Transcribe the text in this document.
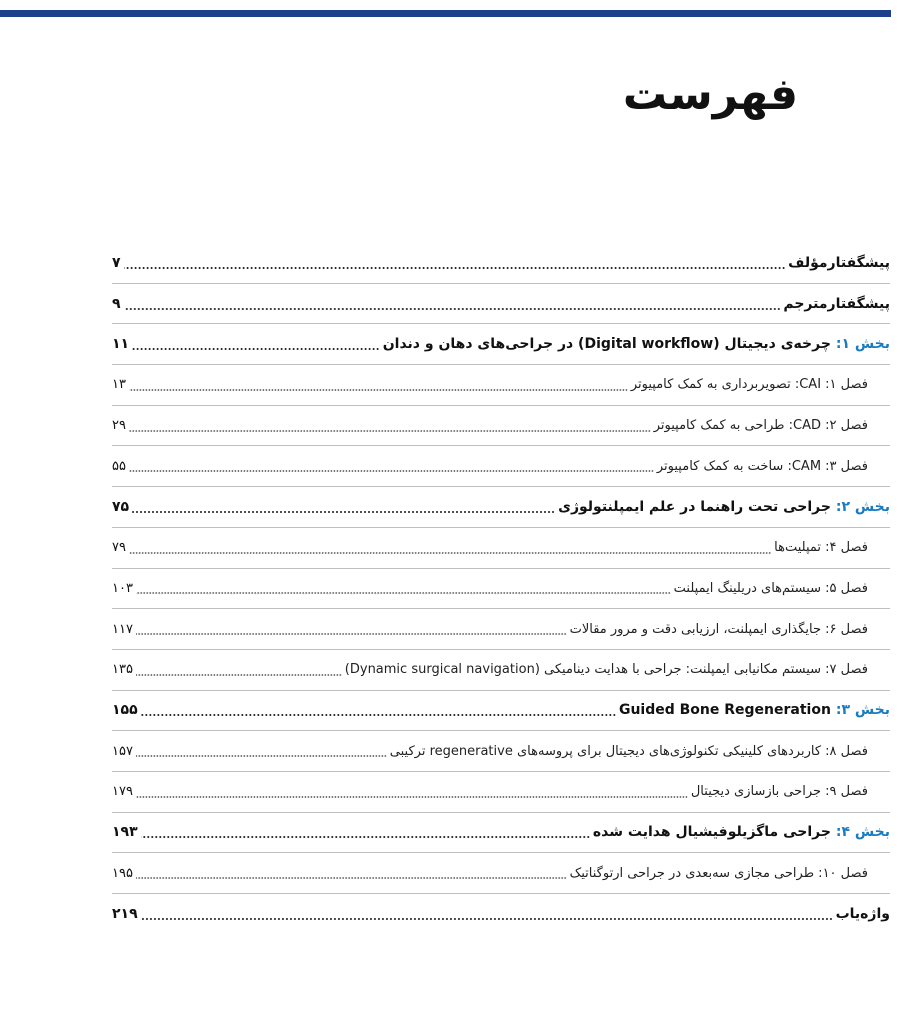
فهرست
پیشگفتارمؤلف
۷
پیشگفتارمترجم
۹
بخش ۱: چرخه‌ی دیجیتال (Digital workflow) در جراحی‌های دهان و دندان
۱۱
فصل ۱: CAI: تصویربرداری به کمک کامپیوتر
۱۳
فصل ۲: CAD: طراحی به کمک کامپیوتر
۲۹
فصل ۳: CAM: ساخت به کمک کامپیوتر
۵۵
بخش ۲: جراحی تحت راهنما در علم ایمپلنتولوژی
۷۵
فصل ۴: تمپلیت‌ها
۷۹
فصل ۵: سیستم‌های دریلینگ ایمپلنت
۱۰۳
فصل ۶: جایگذاری ایمپلنت، ارزیابی دقت و مرور مقالات
۱۱۷
فصل ۷: سیستم مکانیابی ایمپلنت: جراحی با هدایت دینامیکی (Dynamic surgical navigation)
۱۳۵
بخش ۳: Guided Bone Regeneration
۱۵۵
فصل ۸: کاربردهای کلینیکی تکنولوژی‌های دیجیتال برای پروسه‌های regenerative ترکیبی
۱۵۷
فصل ۹: جراحی بازسازی دیجیتال
۱۷۹
بخش ۴: جراحی ماگزیلوفیشیال هدایت شده
۱۹۳
فصل ۱۰: طراحی مجازی سه‌بعدی در جراحی ارتوگناتیک
۱۹۵
واژه‌یاب
۲۱۹
